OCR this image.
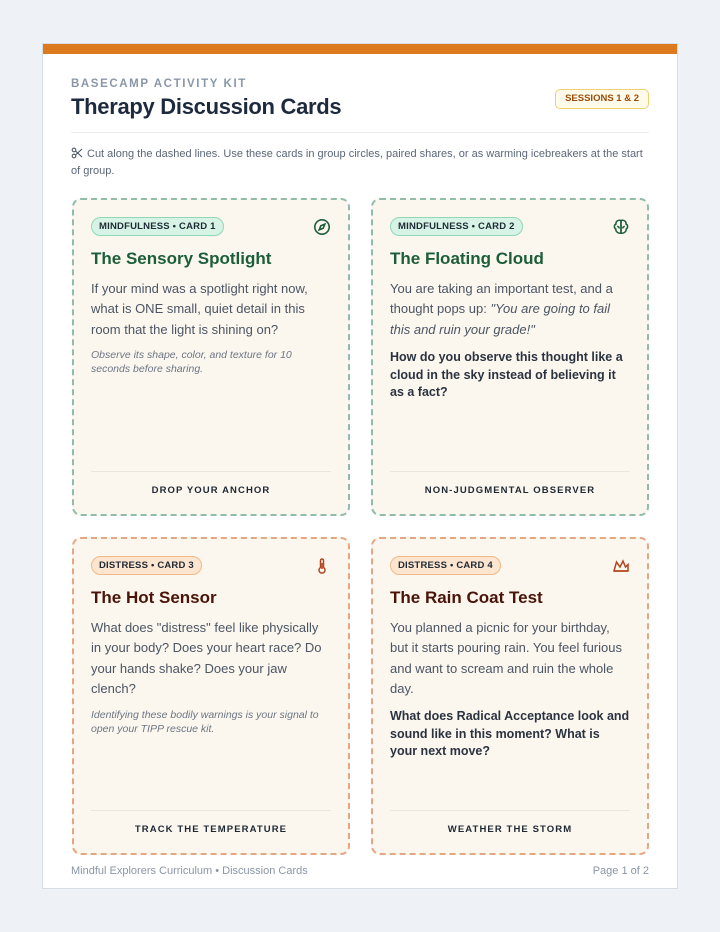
BASECAMP ACTIVITY KIT
Therapy Discussion Cards	SESSIONS 1 & 2
Cut along the dashed lines. Use these cards in group circles, paired shares, or as warming icebreakers at the start of group.
MINDFULNESS • CARD 1
The Sensory Spotlight
If your mind was a spotlight right now, what is ONE small, quiet detail in this room that the light is shining on?
Observe its shape, color, and texture for 10 seconds before sharing.
DROP YOUR ANCHOR
MINDFULNESS • CARD 2
The Floating Cloud
You are taking an important test, and a thought pops up: "You are going to fail this and ruin your grade!"
How do you observe this thought like a cloud in the sky instead of believing it as a fact?
NON-JUDGMENTAL OBSERVER
DISTRESS • CARD 3
The Hot Sensor
What does "distress" feel like physically in your body? Does your heart race? Do your hands shake? Does your jaw clench?
Identifying these bodily warnings is your signal to open your TIPP rescue kit.
TRACK THE TEMPERATURE
DISTRESS • CARD 4
The Rain Coat Test
You planned a picnic for your birthday, but it starts pouring rain. You feel furious and want to scream and ruin the whole day.
What does Radical Acceptance look and sound like in this moment? What is your next move?
WEATHER THE STORM
Mindful Explorers Curriculum • Discussion Cards	Page 1 of 2
